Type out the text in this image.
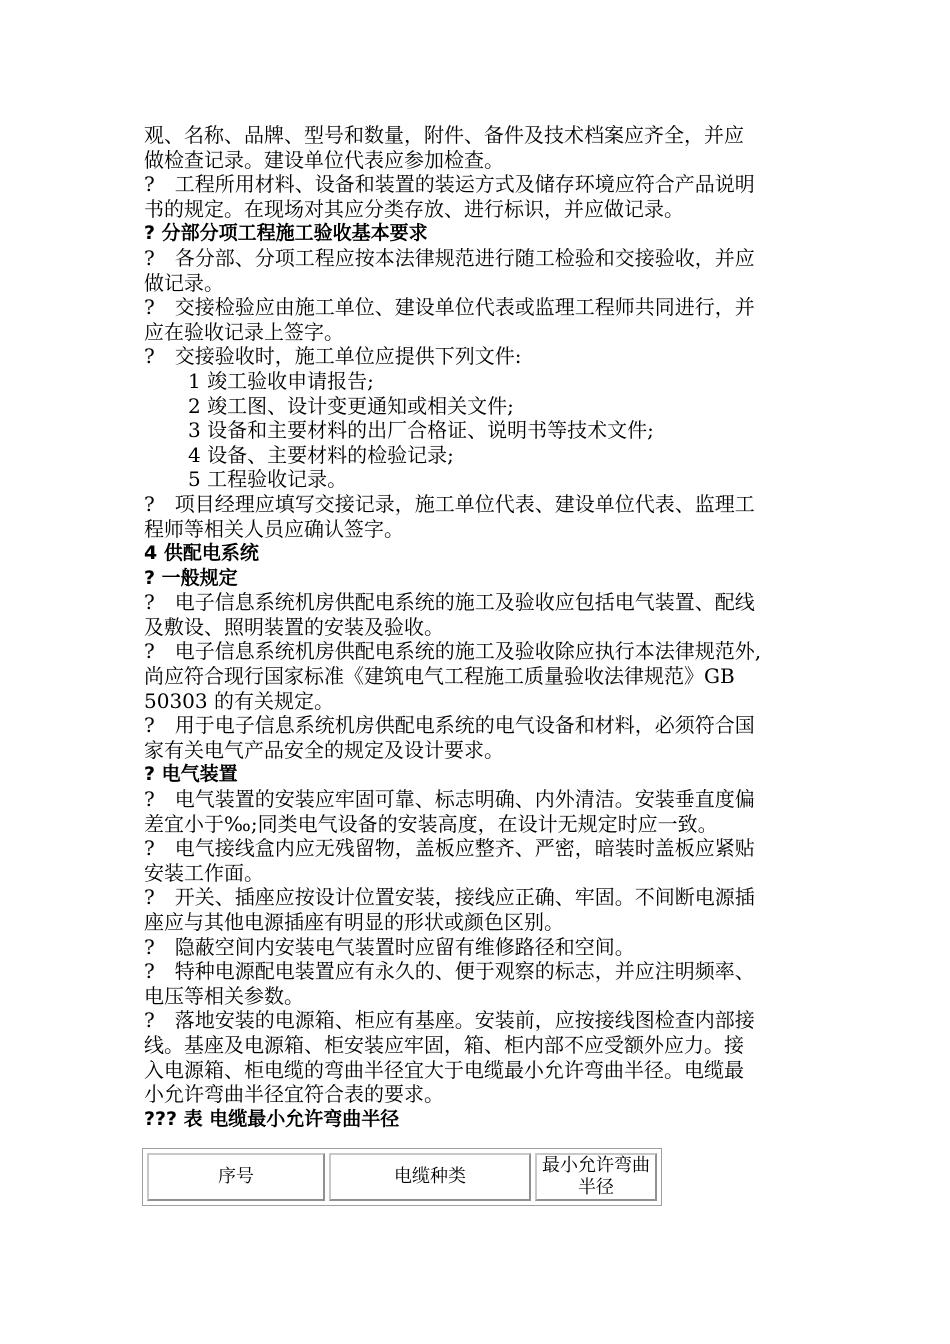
观、名称、品牌、型号和数量，附件、备件及技术档案应齐全，并应

做检查记录。建设单位代表应参加检查。

?　工程所用材料、设备和装置的装运方式及储存环境应符合产品说明

书的规定。在现场对其应分类存放、进行标识，并应做记录。

? 分部分项工程施工验收基本要求

?　各分部、分项工程应按本法律规范进行随工检验和交接验收，并应

做记录。

?　交接检验应由施工单位、建设单位代表或监理工程师共同进行，并

应在验收记录上签字。

?　交接验收时，施工单位应提供下列文件:

1 竣工验收申请报告;

2 竣工图、设计变更通知或相关文件;

3 设备和主要材料的出厂合格证、说明书等技术文件;

4 设备、主要材料的检验记录;

5 工程验收记录。

?　项目经理应填写交接记录，施工单位代表、建设单位代表、监理工

程师等相关人员应确认签字。

4 供配电系统

? 一般规定

?　电子信息系统机房供配电系统的施工及验收应包括电气装置、配线

及敷设、照明装置的安装及验收。

?　电子信息系统机房供配电系统的施工及验收除应执行本法律规范外,

尚应符合现行国家标准《建筑电气工程施工质量验收法律规范》GB

50303 的有关规定。

?　用于电子信息系统机房供配电系统的电气设备和材料，必须符合国

家有关电气产品安全的规定及设计要求。

? 电气装置

?　电气装置的安装应牢固可靠、标志明确、内外清洁。安装垂直度偏

差宜小于‰;同类电气设备的安装高度，在设计无规定时应一致。

?　电气接线盒内应无残留物，盖板应整齐、严密，暗装时盖板应紧贴

安装工作面。

?　开关、插座应按设计位置安装，接线应正确、牢固。不间断电源插

座应与其他电源插座有明显的形状或颜色区别。

?　隐蔽空间内安装电气装置时应留有维修路径和空间。

?　特种电源配电装置应有永久的、便于观察的标志，并应注明频率、

电压等相关参数。

?　落地安装的电源箱、柜应有基座。安装前，应按接线图检查内部接

线。基座及电源箱、柜安装应牢固，箱、柜内部不应受额外应力。接

入电源箱、柜电缆的弯曲半径宜大于电缆最小允许弯曲半径。电缆最

小允许弯曲半径宜符合表的要求。

??? 表 电缆最小允许弯曲半径

序号	电缆种类	最小允许弯曲半径
